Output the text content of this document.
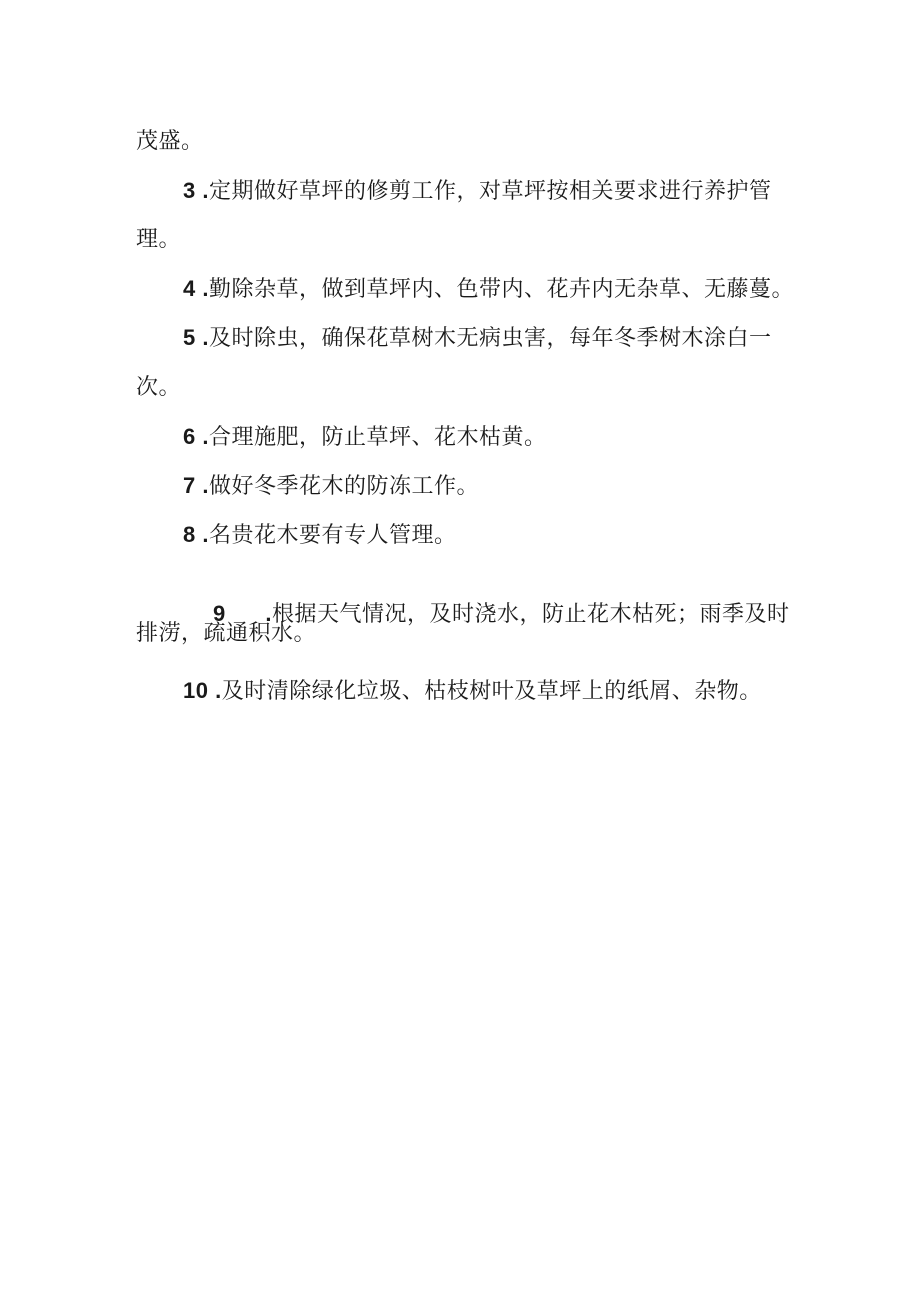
茂盛。
3 .定期做好草坪的修剪工作，对草坪按相关要求进行养护管
理。
4 .勤除杂草，做到草坪内、色带内、花卉内无杂草、无藤蔓。
5 .及时除虫，确保花草树木无病虫害，每年冬季树木涂白一
次。
6 .合理施肥，防止草坪、花木枯黄。
7 .做好冬季花木的防冻工作。
8 .名贵花木要有专人管理。

9      .根据天气情况，及时浇水，防止花木枯死；雨季及时

排涝，疏通积水。
10 .及时清除绿化垃圾、枯枝树叶及草坪上的纸屑、杂物。
